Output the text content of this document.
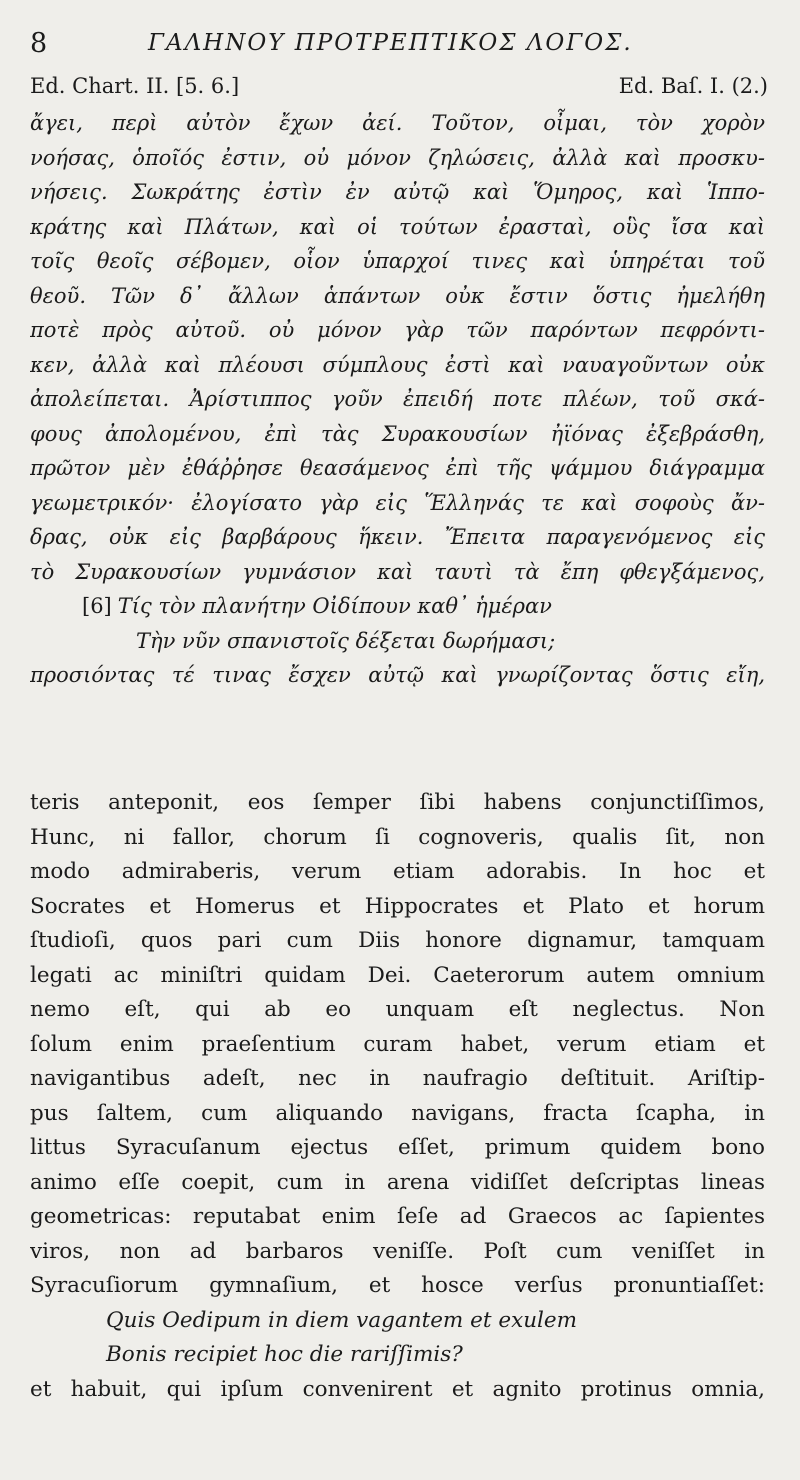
8	ΓΑΛΗΝΟΥ ΠΡΟΤΡΕΠΤΙΚΟΣ ΛΟΓΟΣ.
Ed. Chart. II. [5. 6.]	Ed. Baſ. I. (2.)
ἄγει, περὶ αὐτὸν ἔχων ἀεί. Τοῦτον, οἶμαι, τὸν χορὸν
νοήσας, ὁποῖός ἐστιν, οὐ μόνον ζηλώσεις, ἀλλὰ καὶ προσκυ-
νήσεις. Σωκράτης ἐστὶν ἐν αὐτῷ καὶ Ὅμηρος, καὶ Ἱππο-
κράτης καὶ Πλάτων, καὶ οἱ τούτων ἐρασταὶ, οὓς ἴσα καὶ
τοῖς θεοῖς σέβομεν, οἷον ὑπαρχοί τινες καὶ ὑπηρέται τοῦ
θεοῦ. Τῶν δ᾽ ἄλλων ἁπάντων οὐκ ἔστιν ὅστις ἠμελήθη
ποτὲ πρὸς αὐτοῦ. οὐ μόνον γὰρ τῶν παρόντων πεφρόντι-
κεν, ἀλλὰ καὶ πλέουσι σύμπλους ἐστὶ καὶ ναυαγοῦντων οὐκ
ἀπολείπεται. Ἀρίστιππος γοῦν ἐπειδή ποτε πλέων, τοῦ σκά-
φους ἀπολομένου, ἐπὶ τὰς Συρακουσίων ἠϊόνας ἐξεβράσθη,
πρῶτον μὲν ἐθάῤῥησε θεασάμενος ἐπὶ τῆς ψάμμου διάγραμμα
γεωμετρικόν· ἐλογίσατο γὰρ εἰς Ἕλληνάς τε καὶ σοφοὺς ἄν-
δρας, οὐκ εἰς βαρβάρους ἥκειν. Ἔπειτα παραγενόμενος εἰς
τὸ Συρακουσίων γυμνάσιον καὶ ταυτὶ τὰ ἔπη φθεγξάμενος,
[6] Τίς τὸν πλανήτην Οἰδίπουν καθ᾽ ἡμέραν
Τὴν νῦν σπανιστοῖς δέξεται δωρήμασι;
προσιόντας τέ τινας ἔσχεν αὐτῷ καὶ γνωρίζοντας ὅστις εἴη,
teris anteponit, eos ſemper ſibi habens conjunctiſſimos,
Hunc, ni fallor, chorum ſi cognoveris, qualis ſit, non
modo admiraberis, verum etiam adorabis. In hoc et
Socrates et Homerus et Hippocrates et Plato et horum
ſtudioſi, quos pari cum Diis honore dignamur, tamquam
legati ac miniſtri quidam Dei. Caeterorum autem omnium
nemo eſt, qui ab eo unquam eſt neglectus. Non
ſolum enim praeſentium curam habet, verum etiam et
navigantibus adeſt, nec in naufragio deſtituit. Ariſtip-
pus ſaltem, cum aliquando navigans, fracta ſcapha, in
littus Syracuſanum ejectus eſſet, primum quidem bono
animo eſſe coepit, cum in arena vidiſſet deſcriptas lineas
geometricas: reputabat enim ſeſe ad Graecos ac ſapientes
viros, non ad barbaros veniſſe. Poſt cum veniſſet in
Syracuſiorum gymnaſium, et hosce verſus pronuntiaſſet:
Quis Oedipum in diem vagantem et exulem
Bonis recipiet hoc die rariſſimis?
et habuit, qui ipſum convenirent et agnito protinus omnia,
